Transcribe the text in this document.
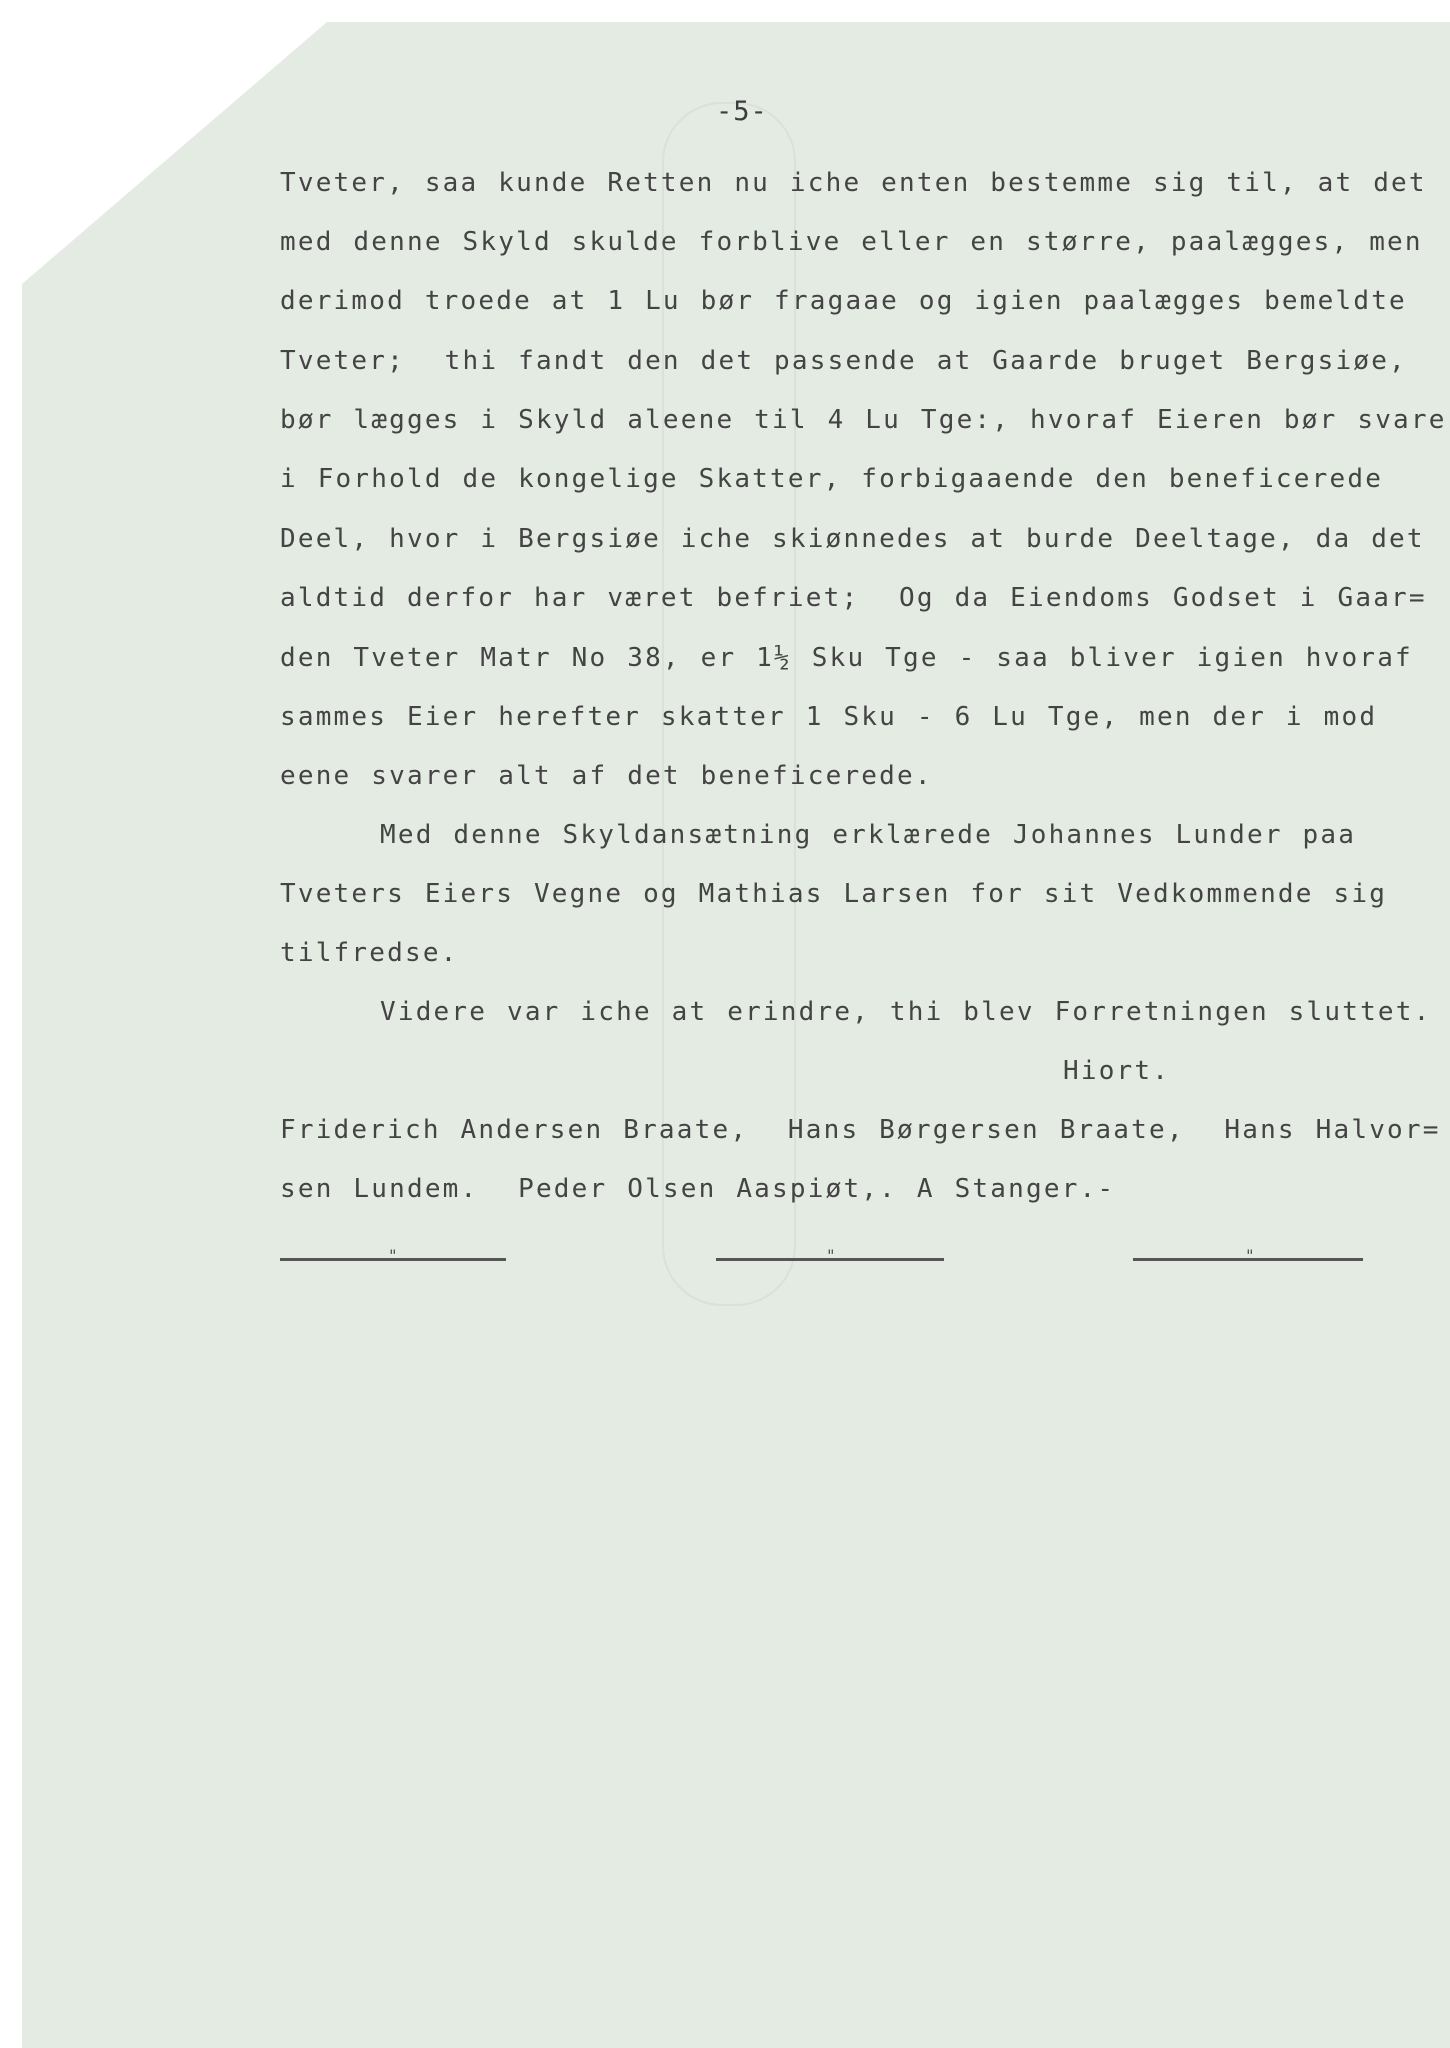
-5-
Tveter, saa kunde Retten nu iche enten bestemme sig til, at det
med denne Skyld skulde forblive eller en større, paalægges, men
derimod troede at 1 Lu bør fragaae og igien paalægges bemeldte
Tveter;  thi fandt den det passende at Gaarde bruget Bergsiøe,
bør lægges i Skyld aleene til 4 Lu Tge:, hvoraf Eieren bør svare
i Forhold de kongelige Skatter, forbigaaende den beneficerede
Deel, hvor i Bergsiøe iche skiønnedes at burde Deeltage, da det
aldtid derfor har været befriet;  Og da Eiendoms Godset i Gaar=
den Tveter Matr No 38, er 1½ Sku Tge - saa bliver igien hvoraf
sammes Eier herefter skatter 1 Sku - 6 Lu Tge, men der i mod
eene svarer alt af det beneficerede.
Med denne Skyldansætning erklærede Johannes Lunder paa
Tveters Eiers Vegne og Mathias Larsen for sit Vedkommende sig
tilfredse.
Videre var iche at erindre, thi blev Forretningen sluttet.
Hiort.
Friderich Andersen Braate,  Hans Børgersen Braate,  Hans Halvor=
sen Lundem.  Peder Olsen Aaspiøt,. A Stanger.-
"	"	"
